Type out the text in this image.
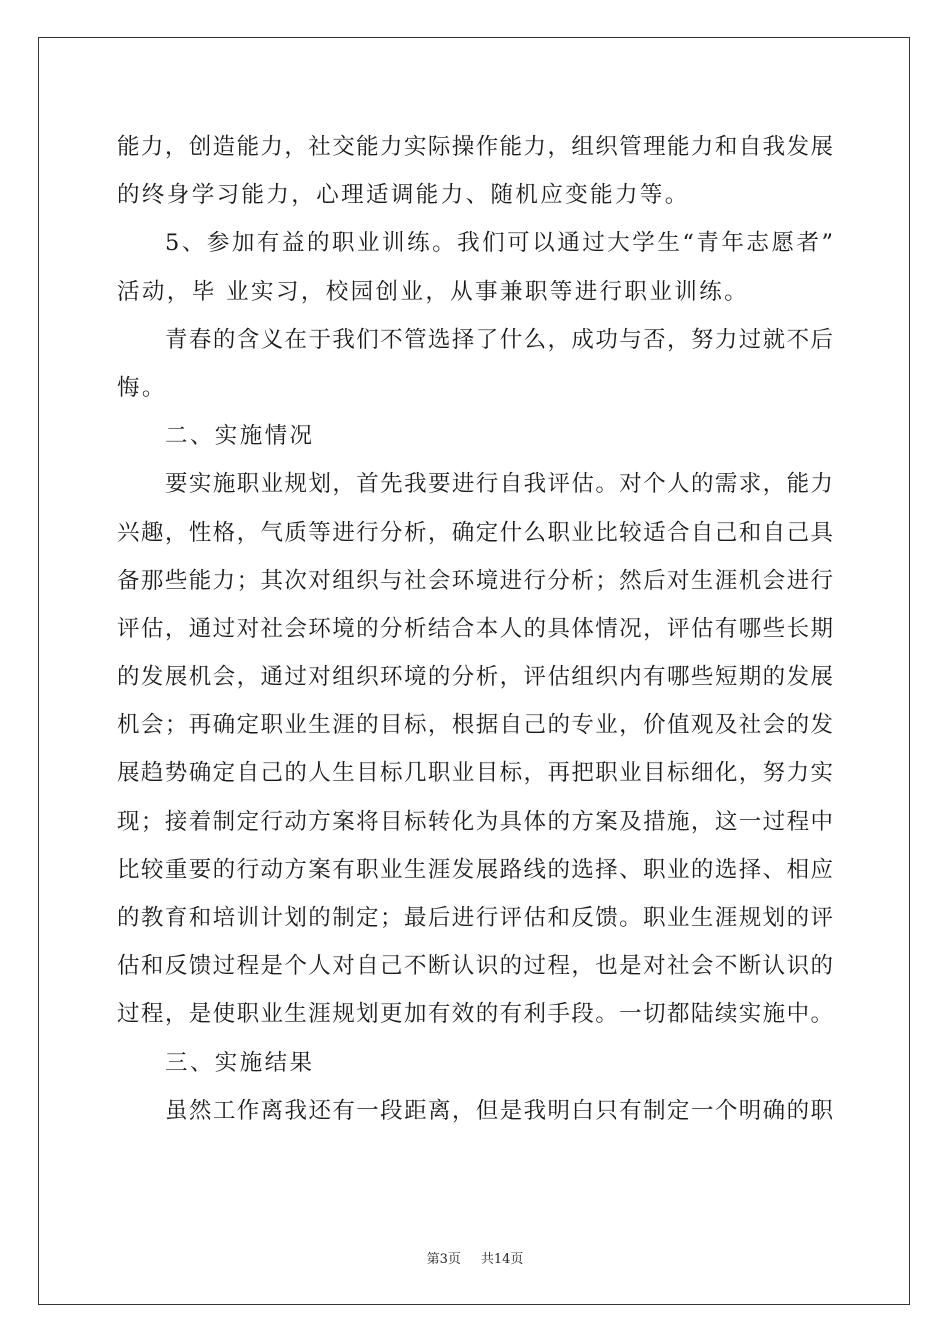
能力，创造能力，社交能力实际操作能力，组织管理能力和自我发展
的终身学习能力，心理适调能力、随机应变能力等。
5、参加有益的职业训练。我们可以通过大学生“青年志愿者”
活动，毕 业实习，校园创业，从事兼职等进行职业训练。
青春的含义在于我们不管选择了什么，成功与否，努力过就不后
悔。
二、实施情况
要实施职业规划，首先我要进行自我评估。对个人的需求，能力
兴趣，性格，气质等进行分析，确定什么职业比较适合自己和自己具
备那些能力；其次对组织与社会环境进行分析；然后对生涯机会进行
评估，通过对社会环境的分析结合本人的具体情况，评估有哪些长期
的发展机会，通过对组织环境的分析，评估组织内有哪些短期的发展
机会；再确定职业生涯的目标，根据自己的专业，价值观及社会的发
展趋势确定自己的人生目标几职业目标，再把职业目标细化，努力实
现；接着制定行动方案将目标转化为具体的方案及措施，这一过程中
比较重要的行动方案有职业生涯发展路线的选择、职业的选择、相应
的教育和培训计划的制定；最后进行评估和反馈。职业生涯规划的评
估和反馈过程是个人对自己不断认识的过程，也是对社会不断认识的
过程，是使职业生涯规划更加有效的有利手段。一切都陆续实施中。
三、实施结果
虽然工作离我还有一段距离，但是我明白只有制定一个明确的职
第3页 共14页
